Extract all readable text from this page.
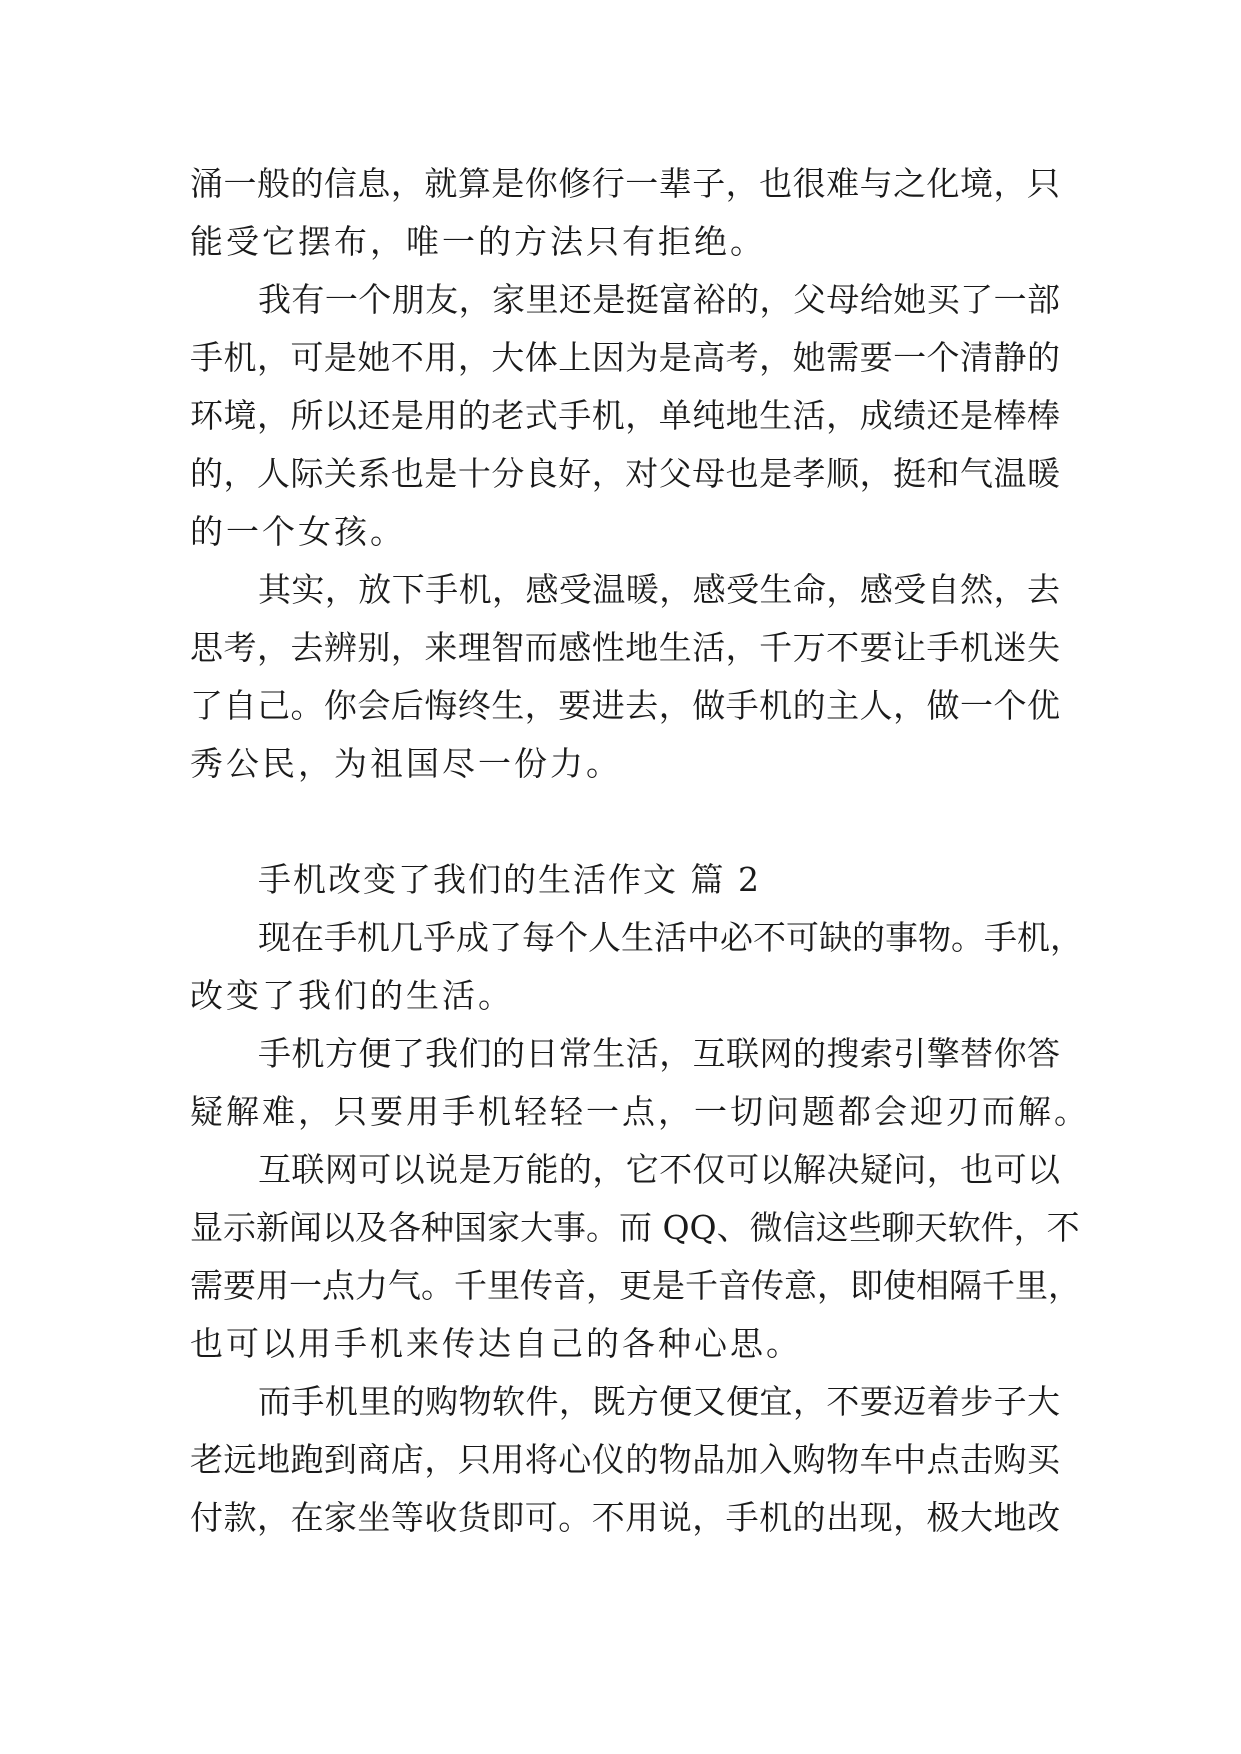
涌一般的信息，就算是你修行一辈子，也很难与之化境，只
能受它摆布，唯一的方法只有拒绝。
我有一个朋友，家里还是挺富裕的，父母给她买了一部
手机，可是她不用，大体上因为是高考，她需要一个清静的
环境，所以还是用的老式手机，单纯地生活，成绩还是棒棒
的，人际关系也是十分良好，对父母也是孝顺，挺和气温暖
的一个女孩。
其实，放下手机，感受温暖，感受生命，感受自然，去
思考，去辨别，来理智而感性地生活，千万不要让手机迷失
了自己。你会后悔终生，要进去，做手机的主人，做一个优
秀公民，为祖国尽一份力。
手机改变了我们的生活作文 篇 2
现在手机几乎成了每个人生活中必不可缺的事物。手机，
改变了我们的生活。
手机方便了我们的日常生活，互联网的搜索引擎替你答
疑解难，只要用手机轻轻一点，一切问题都会迎刃而解。
互联网可以说是万能的，它不仅可以解决疑问，也可以
显示新闻以及各种国家大事。而 QQ、微信这些聊天软件，不
需要用一点力气。千里传音，更是千音传意，即使相隔千里，
也可以用手机来传达自己的各种心思。
而手机里的购物软件，既方便又便宜，不要迈着步子大
老远地跑到商店，只用将心仪的物品加入购物车中点击购买
付款，在家坐等收货即可。不用说，手机的出现，极大地改
